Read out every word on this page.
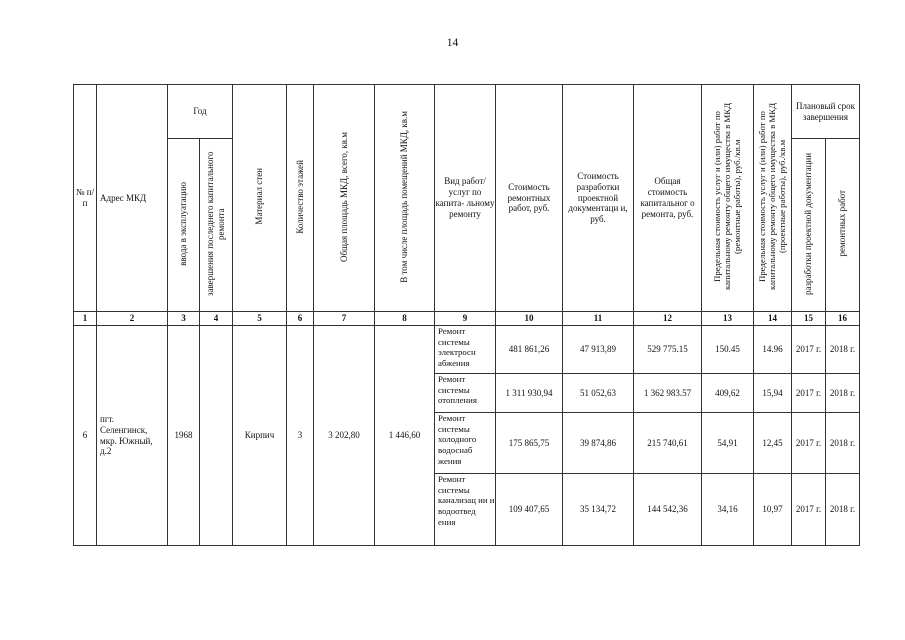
14
№ п/ п	Адрес МКД	Год		Материал стен	Количество этажей	Общая площадь МКД, всего, кв.м	В том числе площадь помещений МКД, кв.м	Вид работ/ услуг по капита- льному ремонту	Стоимость ремонтных работ, руб.	Стоимость разработки проектной документаци и, руб.	Общая стоимость капитальног о ремонта, руб.	Предельная стоимость услуг и (или) работ по капитальному ремонту общего имущества в МКД (ремонтные работы), руб./кв.м	Предельная стоимость услуг и (или) работ по капитальному ремонту общего имущества в МКД (проектные работы), руб./кв.м	Плановый срок завершения	
		ввода в эксплуатацию	завершения последнего капитального ремонта											разработки проектной документации	ремонтных работ
1	2	3	4	5	6	7	8	9	10	11	12	13	14	15	16
6	пгт. Селенгинск, мкр. Южный, д.2	1968		Кирпич	3	3 202,80	1 446,60	Ремонт системы электросн абжения	481 861,26	47 913,89	529 775.15	150.45	14.96	2017 г.	2018 г.
								Ремонт системы отопления	1 311 930,94	51 052,63	1 362 983.57	409,62	15,94	2017 г.	2018 г.
								Ремонт системы холодного водоснаб жения	175 865,75	39 874,86	215 740,61	54,91	12,45	2017 г.	2018 г.
								Ремонт системы канализац ии и водоотвед ения	109 407,65	35 134,72	144 542,36	34,16	10,97	2017 г.	2018 г.
